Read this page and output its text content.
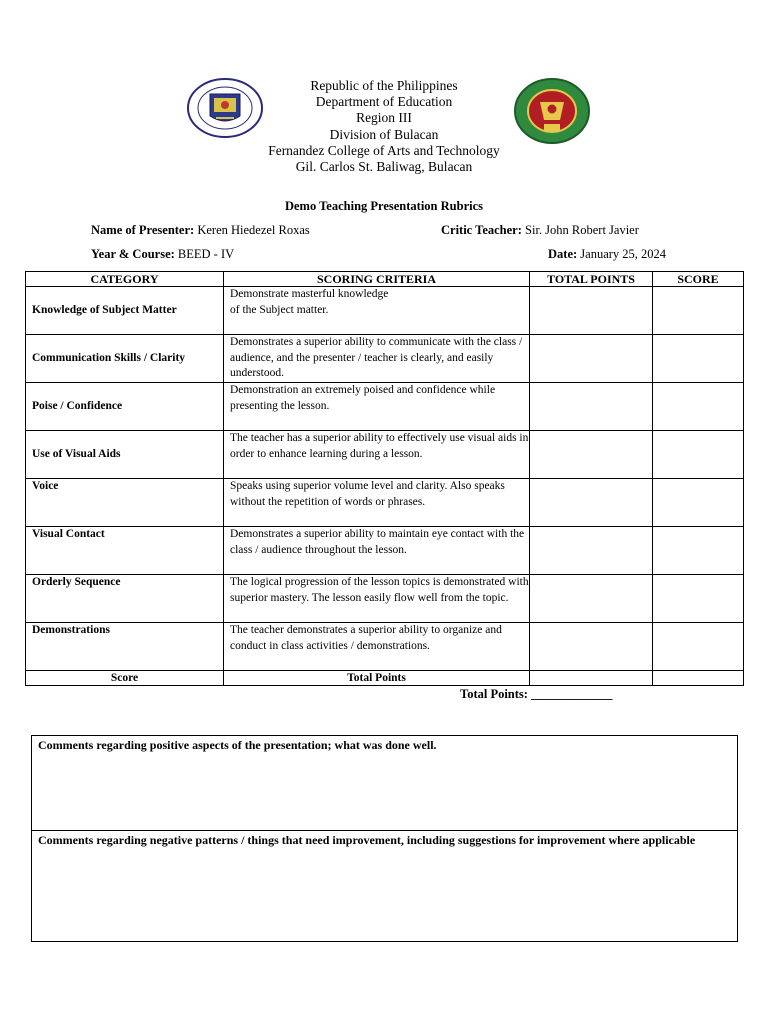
Republic of the Philippines
Department of Education
Region III
Division of Bulacan
Fernandez College of Arts and Technology
Gil. Carlos St. Baliwag, Bulacan
Demo Teaching Presentation Rubrics
Name of Presenter: Keren Hiedezel Roxas	Critic Teacher: Sir. John Robert Javier
Year & Course: BEED - IV	Date: January 25, 2024
CATEGORY	SCORING CRITERIA	TOTAL POINTS	SCORE
Knowledge of Subject Matter	Demonstrate masterful knowledge
of the Subject matter.		
Communication Skills / Clarity	Demonstrates a superior ability to communicate with the class / audience, and the presenter / teacher is clearly, and easily understood.		
Poise / Confidence	Demonstration an extremely poised and confidence while presenting the lesson.		
Use of Visual Aids	The teacher has a superior ability to effectively use visual aids in order to enhance learning during a lesson.		
Voice	Speaks using superior volume level and clarity. Also speaks without the repetition of words or phrases.		
Visual Contact	Demonstrates a superior ability to maintain eye contact with the class / audience throughout the lesson.		
Orderly Sequence	The logical progression of the lesson topics is demonstrated with superior mastery. The lesson easily flow well from the topic.		
Demonstrations	The teacher demonstrates a superior ability to organize and conduct in class activities / demonstrations.		
Score	Total Points		
Total Points: _____________
Comments regarding positive aspects of the presentation; what was done well.
Comments regarding negative patterns / things that need improvement, including suggestions for improvement where applicable
